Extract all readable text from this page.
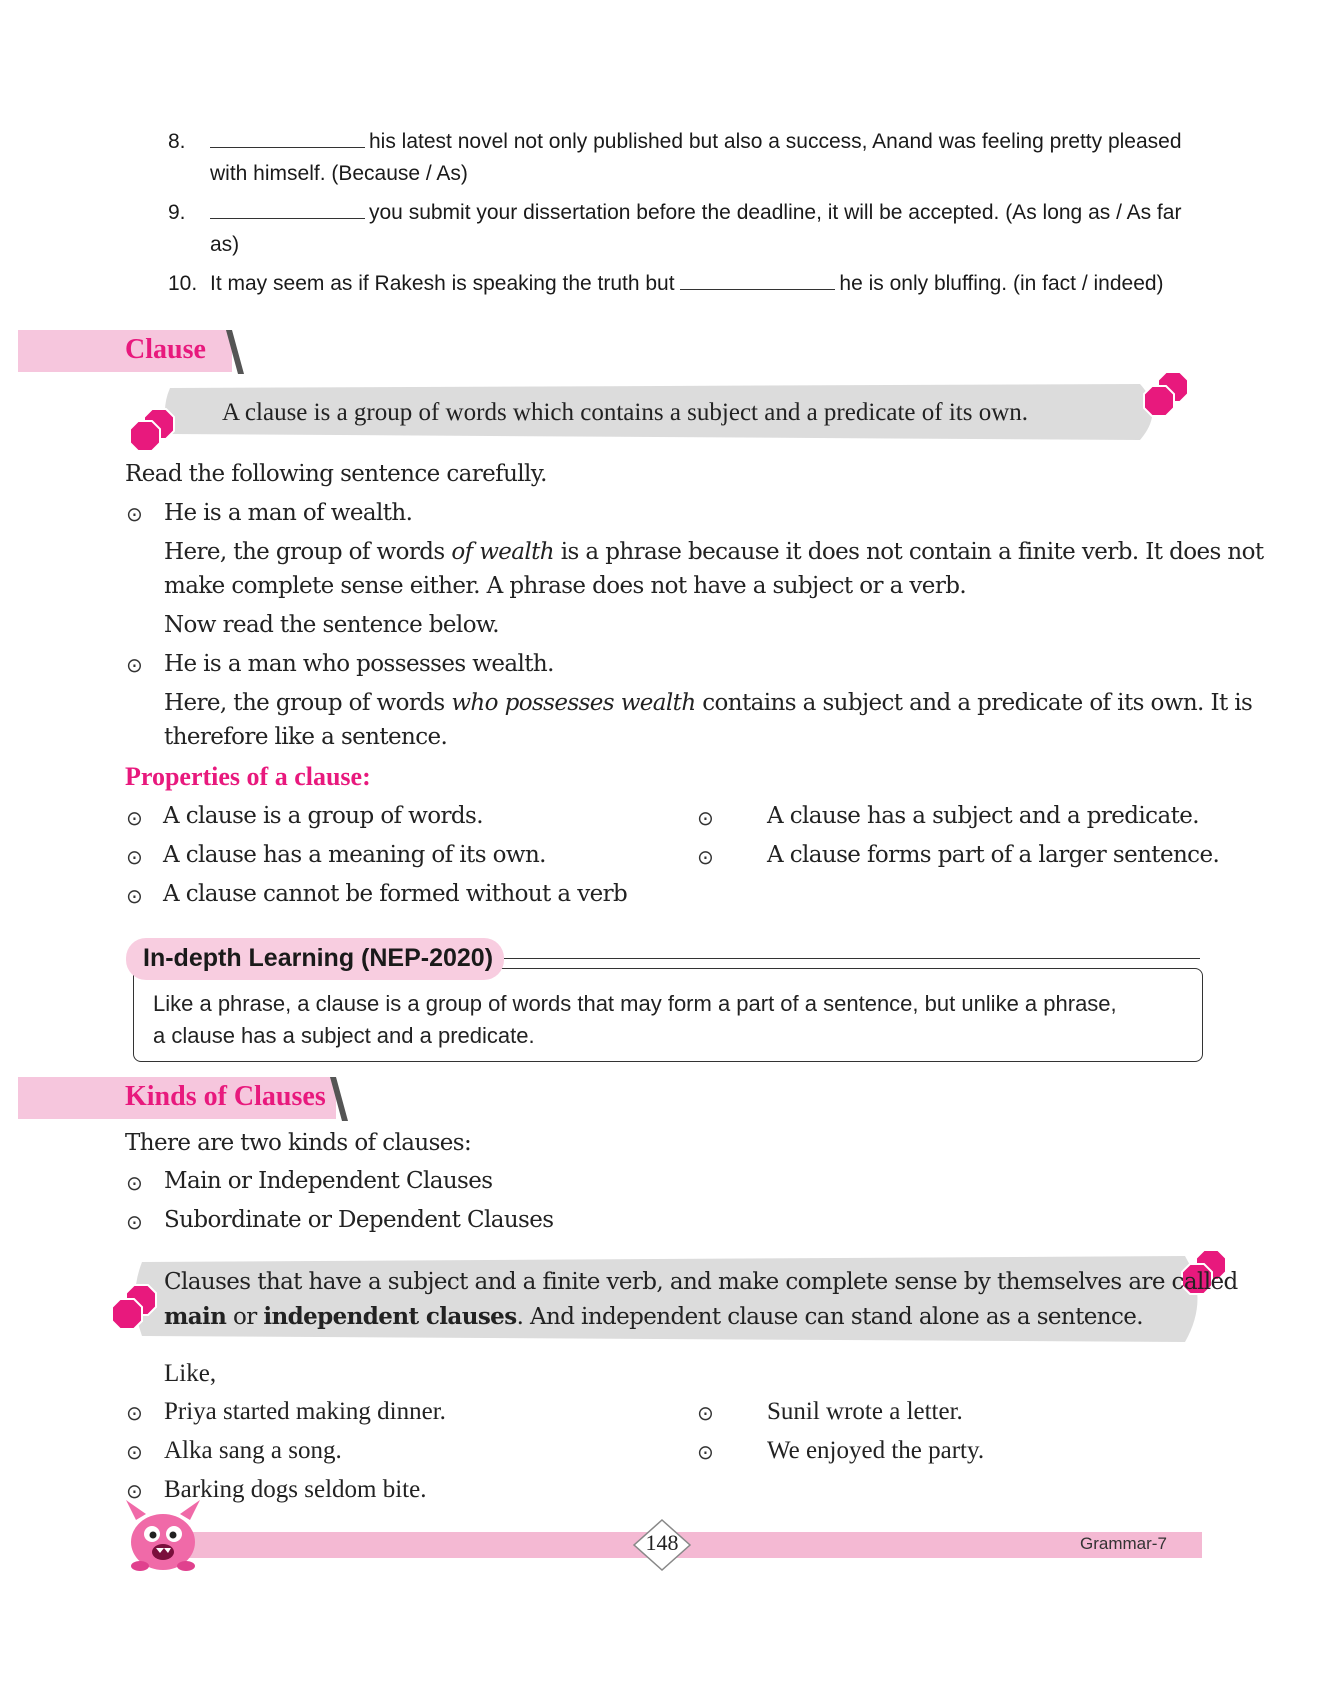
8.	his latest novel not only published but also a success, Anand was feeling pretty pleased
with himself. (Because / As)
9.	you submit your dissertation before the deadline, it will be accepted. (As long as / As far
as)
10. It may seem as if Rakesh is speaking the truth but	he is only bluffing. (in fact / indeed)
Clause
A clause is a group of words which contains a subject and a predicate of its own.
Read the following sentence carefully.
⊙ He is a man of wealth.
Here, the group of words of wealth is a phrase because it does not contain a finite verb. It does not
make complete sense either. A phrase does not have a subject or a verb.
Now read the sentence below.
⊙ He is a man who possesses wealth.
Here, the group of words who possesses wealth contains a subject and a predicate of its own. It is
therefore like a sentence.
Properties of a clause:
⊙ A clause is a group of words.
⊙ A clause has a meaning of its own.
⊙ A clause cannot be formed without a verb
⊙ A clause has a subject and a predicate.
⊙ A clause forms part of a larger sentence.
In-depth Learning (NEP-2020)
Like a phrase, a clause is a group of words that may form a part of a sentence, but unlike a phrase,
a clause has a subject and a predicate.
Kinds of Clauses
There are two kinds of clauses:
⊙ Main or Independent Clauses
⊙ Subordinate or Dependent Clauses
Clauses that have a subject and a finite verb, and make complete sense by themselves are called
main or independent clauses. And independent clause can stand alone as a sentence.
Like,
⊙ Priya started making dinner.
⊙ Alka sang a song.
⊙ Barking dogs seldom bite.
⊙ Sunil wrote a letter.
⊙ We enjoyed the party.
148	Grammar-7
